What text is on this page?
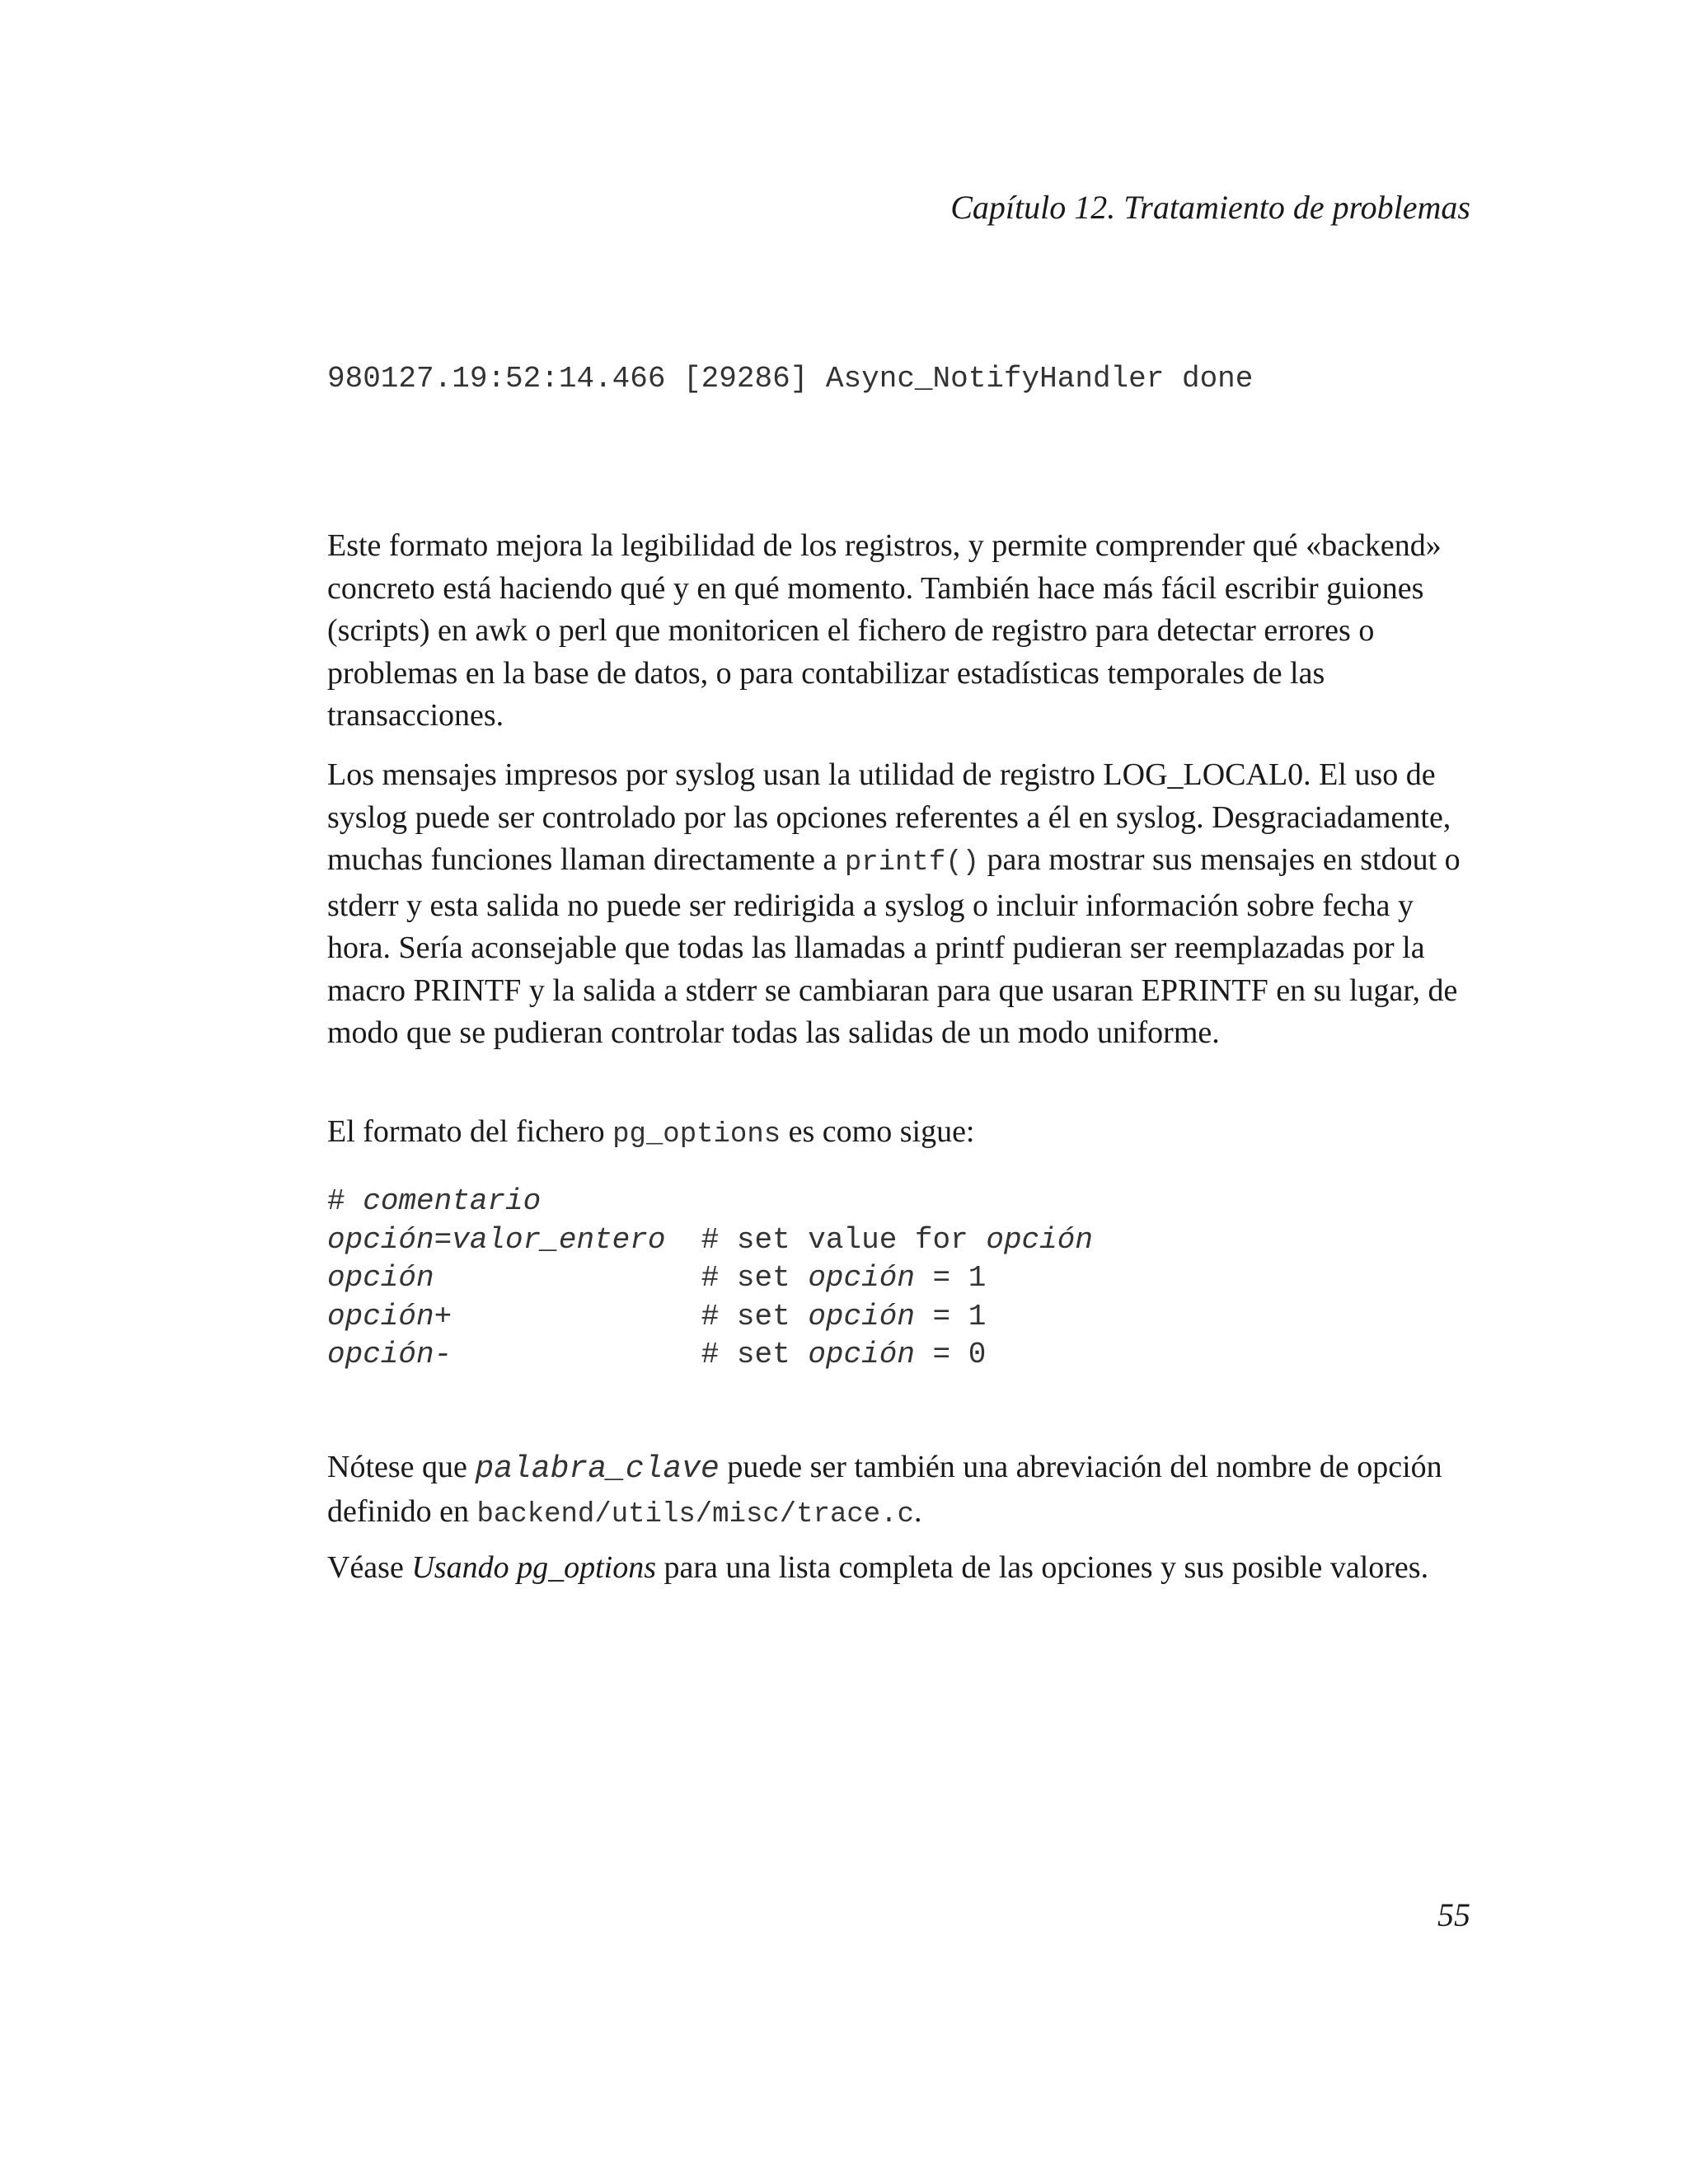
Capítulo 12. Tratamiento de problemas
980127.19:52:14.466 [29286] Async_NotifyHandler done

Este formato mejora la legibilidad de los registros, y permite comprender qué «backend» concreto está haciendo qué y en qué momento. También hace más fácil escribir guiones (scripts) en awk o perl que monitoricen el fichero de registro para detectar errores o problemas en la base de datos, o para contabilizar estadísticas temporales de las transacciones.

Los mensajes impresos por syslog usan la utilidad de registro LOG_LOCAL0. El uso de syslog puede ser controlado por las opciones referentes a él en syslog. Desgraciadamente, muchas funciones llaman directamente a printf() para mostrar sus mensajes en stdout o stderr y esta salida no puede ser redirigida a syslog o incluir información sobre fecha y hora. Sería aconsejable que todas las llamadas a printf pudieran ser reemplazadas por la macro PRINTF y la salida a stderr se cambiaran para que usaran EPRINTF en su lugar, de modo que se pudieran controlar todas las salidas de un modo uniforme.

El formato del fichero pg_options es como sigue:

# comentario
opción=valor_entero  # set value for opción
opción               # set opción = 1
opción+              # set opción = 1
opción-              # set opción = 0

Nótese que palabra_clave puede ser también una abreviación del nombre de opción definido en backend/utils/misc/trace.c.

Véase Usando pg_options para una lista completa de las opciones y sus posible valores.

55
